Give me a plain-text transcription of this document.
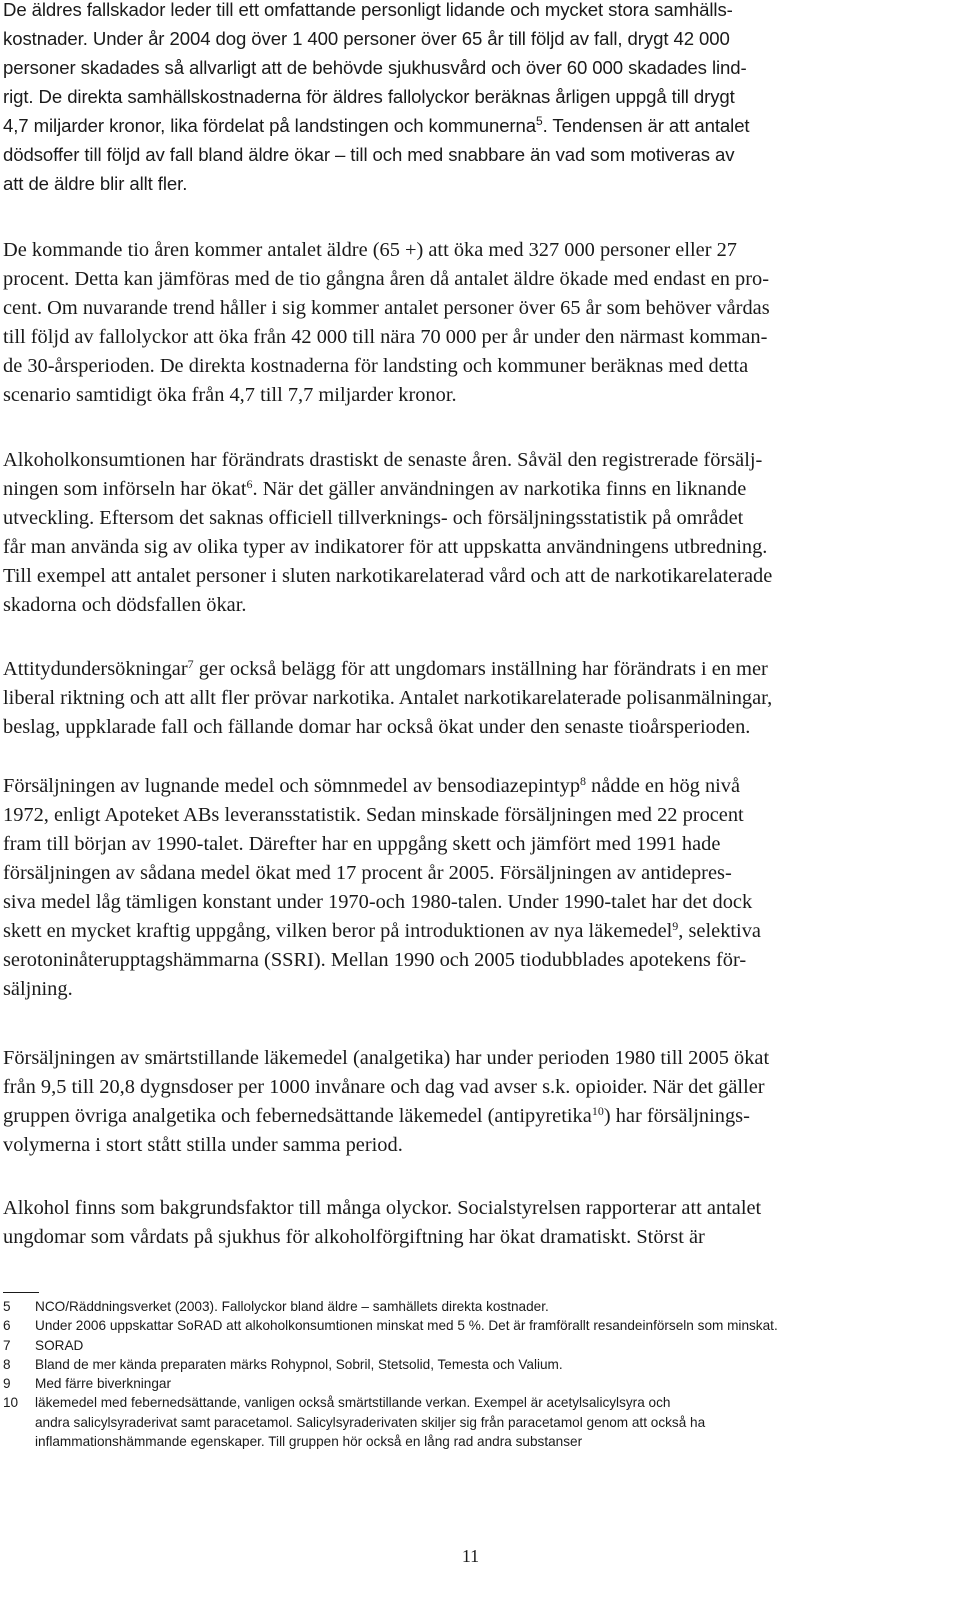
De äldres fallskador leder till ett omfattande personligt lidande och mycket stora samhälls-
kostnader. Under år 2004 dog över 1 400 personer över 65 år till följd av fall, drygt 42 000
personer skadades så allvarligt att de behövde sjukhusvård och över 60 000 skadades lind-
rigt. De direkta samhällskostnaderna för äldres fallolyckor beräknas årligen uppgå till drygt
4,7 miljarder kronor, lika fördelat på landstingen och kommunerna$^5$. Tendensen är att antalet
dödsoffer till följd av fall bland äldre ökar – till och med snabbare än vad som motiveras av
att de äldre blir allt fler.

De kommande tio åren kommer antalet äldre (65 +) att öka med 327 000 personer eller 27
procent. Detta kan jämföras med de tio gångna åren då antalet äldre ökade med endast en pro-
cent. Om nuvarande trend håller i sig kommer antalet personer över 65 år som behöver vårdas
till följd av fallolyckor att öka från 42 000 till nära 70 000 per år under den närmast komman-
de 30-årsperioden. De direkta kostnaderna för landsting och kommuner beräknas med detta
scenario samtidigt öka från 4,7 till 7,7 miljarder kronor.

Alkoholkonsumtionen har förändrats drastiskt de senaste åren. Såväl den registrerade försälj-
ningen som införseln har ökat$^6$. När det gäller användningen av narkotika finns en liknande
utveckling. Eftersom det saknas officiell tillverknings- och försäljningsstatistik på området
får man använda sig av olika typer av indikatorer för att uppskatta användningens utbredning.
Till exempel att antalet personer i sluten narkotikarelaterad vård och att de narkotikarelaterade
skadorna och dödsfallen ökar.

Attitydundersökningar$^7$ ger också belägg för att ungdomars inställning har förändrats i en mer
liberal riktning och att allt fler prövar narkotika. Antalet narkotikarelaterade polisanmälningar,
beslag, uppklarade fall och fällande domar har också ökat under den senaste tioårsperioden.

Försäljningen av lugnande medel och sömnmedel av bensodiazepintyp$^8$ nådde en hög nivå
1972, enligt Apoteket ABs leveransstatistik. Sedan minskade försäljningen med 22 procent
fram till början av 1990-talet. Därefter har en uppgång skett och jämfört med 1991 hade
försäljningen av sådana medel ökat med 17 procent år 2005. Försäljningen av antidepres-
siva medel låg tämligen konstant under 1970-och 1980-talen. Under 1990-talet har det dock
skett en mycket kraftig uppgång, vilken beror på introduktionen av nya läkemedel$^9$, selektiva
serotoninåterupptagshämmarna (SSRI). Mellan 1990 och 2005 tiodubblades apotekens för-
säljning.

Försäljningen av smärtstillande läkemedel (analgetika) har under perioden 1980 till 2005 ökat
från 9,5 till 20,8 dygnsdoser per 1000 invånare och dag vad avser s.k. opioider. När det gäller
gruppen övriga analgetika och febernedsättande läkemedel (antipyretika$^{10}$) har försäljnings-
volymerna i stort stått stilla under samma period.

Alkohol finns som bakgrundsfaktor till många olyckor. Socialstyrelsen rapporterar att antalet
ungdomar som vårdats på sjukhus för alkoholförgiftning har ökat dramatiskt. Störst är

5 NCO/Räddningsverket (2003). Fallolyckor bland äldre – samhällets direkta kostnader.
6 Under 2006 uppskattar SoRAD att alkoholkonsumtionen minskat med 5 %. Det är framförallt resandeinförseln som minskat.
7 SORAD
8 Bland de mer kända preparaten märks Rohypnol, Sobril, Stetsolid, Temesta och Valium.
9 Med färre biverkningar
10 läkemedel med febernedsättande, vanligen också smärtstillande verkan. Exempel är acetylsalicylsyra och
andra salicylsyraderivat samt paracetamol. Salicylsyraderivaten skiljer sig från paracetamol genom att också ha
inflammationshämmande egenskaper. Till gruppen hör också en lång rad andra substanser
11
